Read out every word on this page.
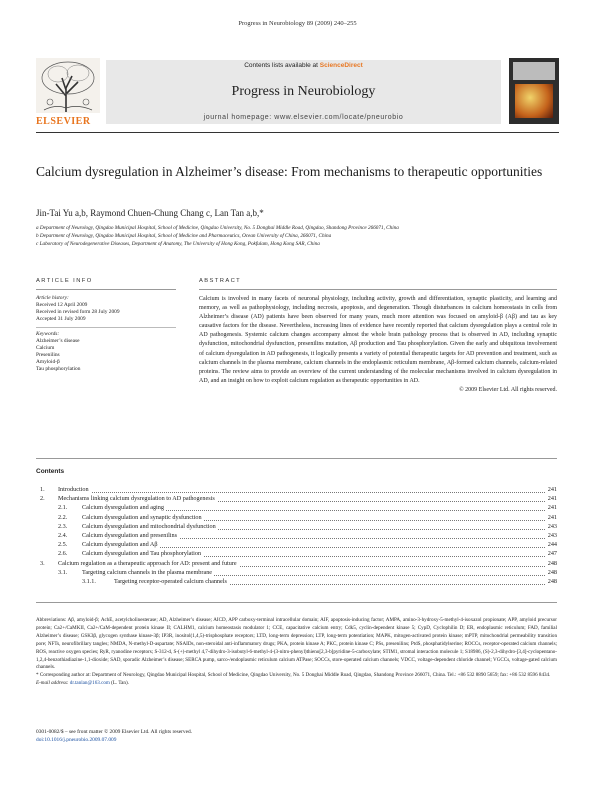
Progress in Neurobiology 89 (2009) 240–255
ELSEVIER
Contents lists available at ScienceDirect
Progress in Neurobiology
journal homepage: www.elsevier.com/locate/pneurobio
Calcium dysregulation in Alzheimer’s disease: From mechanisms to therapeutic opportunities
Jin-Tai Yu a,b, Raymond Chuen-Chung Chang c, Lan Tan a,b,*
a Department of Neurology, Qingdao Municipal Hospital, School of Medicine, Qingdao University, No. 5 Donghai Middle Road, Qingdao, Shandong Province 266071, China
b Department of Neurology, Qingdao Municipal Hospital, School of Medicine and Pharmaceutics, Ocean University of China, 266071, China
c Laboratory of Neurodegenerative Diseases, Department of Anatomy, The University of Hong Kong, Pokfulam, Hong Kong SAR, China
ARTICLE INFO	ABSTRACT
Article history:
Received 12 April 2009
Received in revised form 28 July 2009
Accepted 31 July 2009
Keywords:
Alzheimer’s disease
Calcium
Presenilins
Amyloid-β
Tau phosphorylation
Calcium is involved in many facets of neuronal physiology, including activity, growth and differentiation, synaptic plasticity, and learning and memory, as well as pathophysiology, including necrosis, apoptosis, and degeneration. Though disturbances in calcium homeostasis in cells from Alzheimer’s disease (AD) patients have been observed for many years, much more attention was focused on amyloid-β (Aβ) and tau as key causative factors for the disease. Nevertheless, increasing lines of evidence have recently reported that calcium dysregulation plays a central role in AD pathogenesis. Systemic calcium changes accompany almost the whole brain pathology process that is observed in AD, including synaptic dysfunction, mitochondrial dysfunction, presenilins mutation, Aβ production and Tau phosphorylation. Given the early and ubiquitous involvement of calcium dysregulation in AD pathogenesis, it logically presents a variety of potential therapeutic targets for AD prevention and treatment, such as calcium channels in the plasma membrane, calcium channels in the endoplasmic reticulum membrane, Aβ-formed calcium channels, calcium-related proteins. The review aims to provide an overview of the current understanding of the molecular mechanisms involved in calcium dysregulation in AD, and an insight on how to exploit calcium regulation as therapeutic opportunities in AD.
© 2009 Elsevier Ltd. All rights reserved.
Contents
1. Introduction	241
2. Mechanisms linking calcium dysregulation to AD pathogenesis	241
2.1. Calcium dysregulation and aging	241
2.2. Calcium dysregulation and synaptic dysfunction	241
2.3. Calcium dysregulation and mitochondrial dysfunction	243
2.4. Calcium dysregulation and presenilins	243
2.5. Calcium dysregulation and Aβ	244
2.6. Calcium dysregulation and Tau phosphorylation	247
3. Calcium regulation as a therapeutic approach for AD: present and future	248
3.1. Targeting calcium channels in the plasma membrane	248
3.1.1.	Targeting receptor-operated calcium channels	248
Abbreviations: Aβ, amyloid-β; AchE, acetylcholinesterase; AD, Alzheimer’s disease; AICD, APP carboxy-terminal intracellular domain; AIF, apoptosis-inducing factor; AMPA, amino-3-hydroxy-5-methyl-4-isoxazol propionate; APP, amyloid precursor protein; Ca2+/CaMKII, Ca2+/CaM-dependent protein kinase II; CALHM1, calcium homeostasis modulator 1; CCE, capacitative calcium entry; Cdk5, cyclin-dependent kinase 5; CypD, Cyclophilin D; ER, endoplasmic reticulum; FAD, familial Alzheimer’s disease; GSK3β, glycogen synthase kinase-3β; IP3R, inositol(1,4,5)-trisphosphate receptors; LTD, long-term depression; LTP, long-term potentiation; MAPK, mitogen-activated protein kinase; mPTP, mitochondrial permeability transition pore; NFTs, neurofibrillary tangles; NMDA, N-methyl-D-aspartate; NSAIDs, non-steroidal anti-inflammatory drugs; PKA, protein kinase A; PKC, protein kinase C; PSs, presenilins; PtdS, phosphatidylserine; ROCCs, receptor-operated calcium channels; ROS, reactive oxygen species; RyR, ryanodine receptors; S-312-d, S-(+)-methyl 4,7-dihydro-3-isobutyl-6-methyl-4-(3-nitro-phenyl)thieno[2,3-b]pyridine-5-carboxylate; STIM1, stromal interaction molecule 1; S18986, (S)-2,3-dihydro-[3,4]-cyclopentano-1,2,4-benzothiadiazine-1,1-dioxide; SAD, sporadic Alzheimer’s disease; SERCA pump, sarco-/endoplasmic reticulum calcium ATPase; SOCCs, store-operated calcium channels; VDCC, voltage-dependent chloride channel; VGCCs, voltage-gated calcium channels.
* Corresponding author at: Department of Neurology, Qingdao Municipal Hospital, School of Medicine, Qingdao University, No. 5 Donghai Middle Road, Qingdao, Shandong Province 266071, China. Tel.: +86 532 8890 5659; fax: +86 532 8596 8434.
E-mail address: dr.tanlan@163.com (L. Tan).
0301-0082/$ – see front matter © 2009 Elsevier Ltd. All rights reserved.
doi:10.1016/j.pneurobio.2009.07.009
